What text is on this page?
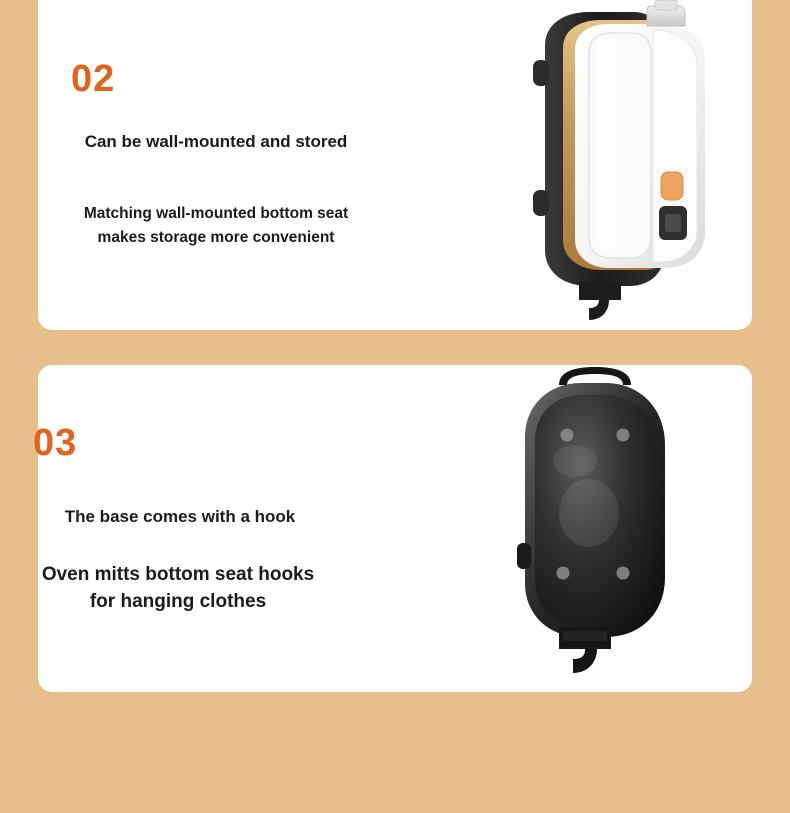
02
Can be wall-mounted and stored
Matching wall-mounted bottom seat makes storage more convenient
03
The base comes with a hook
Oven mitts bottom seat hooks for hanging clothes
